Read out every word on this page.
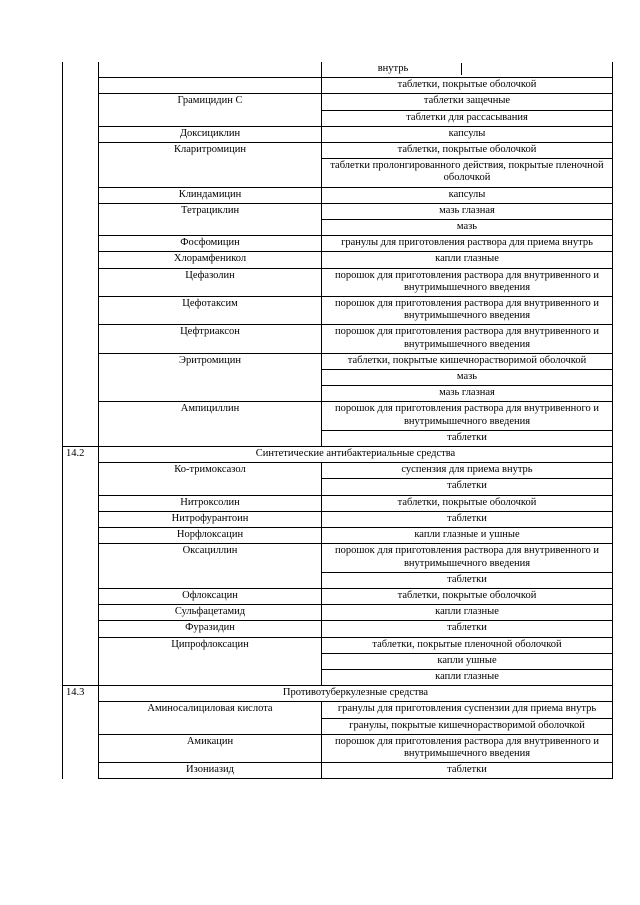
		внутрь

		таблетки, покрытые оболочкой
	Грамицидин С	таблетки защечные
		таблетки для рассасывания
	Доксициклин	капсулы
	Кларитромицин	таблетки, покрытые оболочкой
		таблетки пролонгированного действия, покрытые пленочной оболочкой
	Клиндамицин	капсулы
	Тетрациклин	мазь глазная
		мазь
	Фосфомицин	гранулы для приготовления раствора для приема внутрь
	Хлорамфеникол	капли глазные
	Цефазолин	порошок для приготовления раствора для внутривенного и внутримышечного введения
	Цефотаксим	порошок для приготовления раствора для внутривенного и внутримышечного введения
	Цефтриаксон	порошок для приготовления раствора для внутривенного и внутримышечного введения
	Эритромицин	таблетки, покрытые кишечнорастворимой оболочкой
		мазь
		мазь глазная
	Ампициллин	порошок для приготовления раствора для внутривенного и внутримышечного введения
		таблетки
14.2	Синтетические антибактериальные средства	
	Ко-тримоксазол	суспензия для приема внутрь
		таблетки
	Нитроксолин	таблетки, покрытые оболочкой
	Нитрофурантоин	таблетки
	Норфлоксацин	капли глазные и ушные
	Оксациллин	порошок для приготовления раствора для внутривенного и внутримышечного введения
		таблетки
	Офлоксацин	таблетки, покрытые оболочкой
	Сульфацетамид	капли глазные
	Фуразидин	таблетки
	Ципрофлоксацин	таблетки, покрытые пленочной оболочкой
		капли ушные
		капли глазные
14.3	Противотуберкулезные средства	
	Аминосалициловая кислота	гранулы для приготовления суспензии для приема внутрь
		гранулы, покрытые кишечнорастворимой оболочкой
	Амикацин	порошок для приготовления раствора для внутривенного и внутримышечного введения
	Изониазид	таблетки
